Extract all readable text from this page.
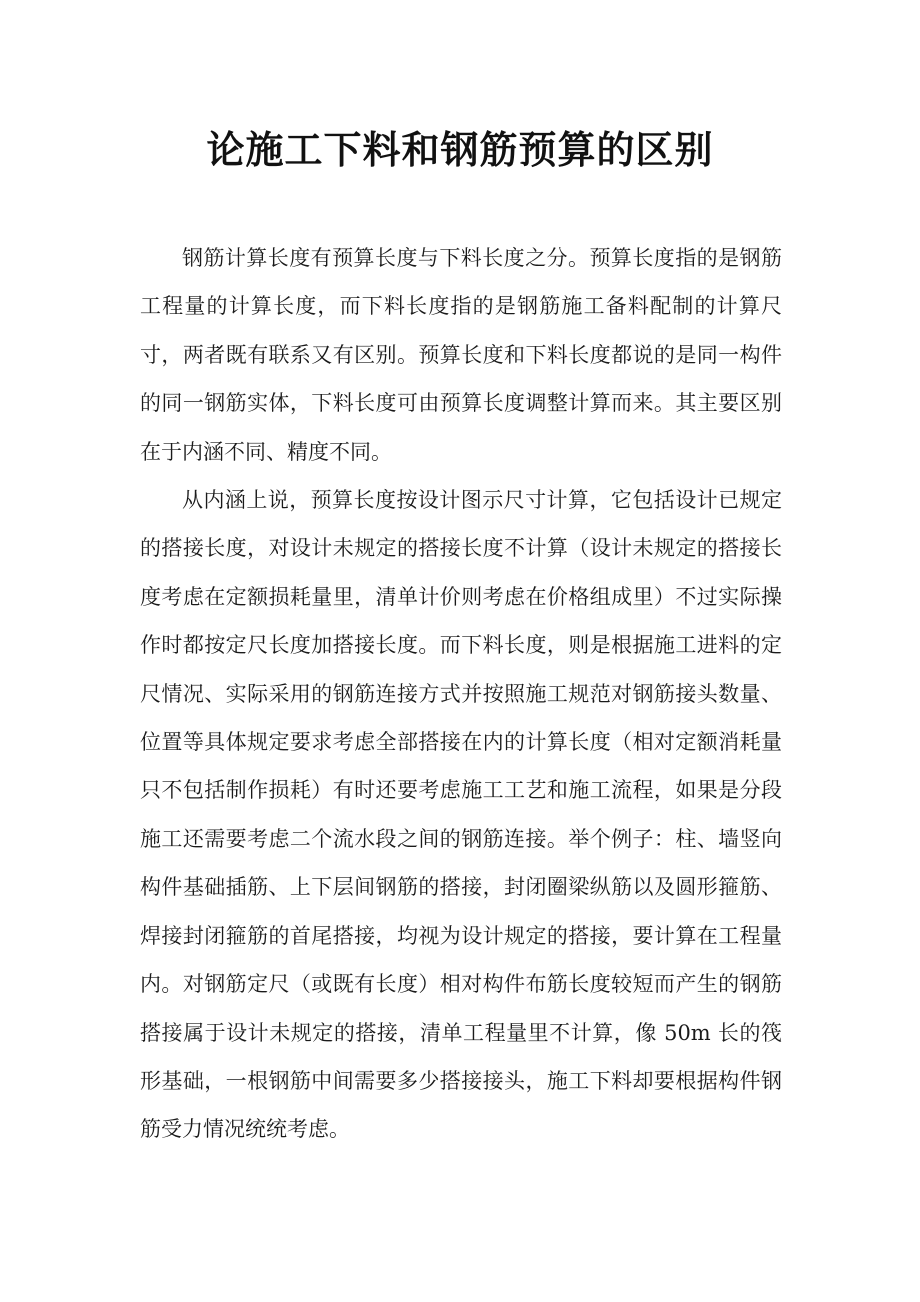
论施工下料和钢筋预算的区别

钢筋计算长度有预算长度与下料长度之分。预算长度指的是钢筋工程量的计算长度，而下料长度指的是钢筋施工备料配制的计算尺寸，两者既有联系又有区别。预算长度和下料长度都说的是同一构件的同一钢筋实体，下料长度可由预算长度调整计算而来。其主要区别在于内涵不同、精度不同。

从内涵上说，预算长度按设计图示尺寸计算，它包括设计已规定的搭接长度，对设计未规定的搭接长度不计算（设计未规定的搭接长度考虑在定额损耗量里，清单计价则考虑在价格组成里）不过实际操作时都按定尺长度加搭接长度。而下料长度，则是根据施工进料的定尺情况、实际采用的钢筋连接方式并按照施工规范对钢筋接头数量、位置等具体规定要求考虑全部搭接在内的计算长度（相对定额消耗量只不包括制作损耗）有时还要考虑施工工艺和施工流程，如果是分段施工还需要考虑二个流水段之间的钢筋连接。举个例子：柱、墙竖向构件基础插筋、上下层间钢筋的搭接，封闭圈梁纵筋以及圆形箍筋、焊接封闭箍筋的首尾搭接，均视为设计规定的搭接，要计算在工程量内。对钢筋定尺（或既有长度）相对构件布筋长度较短而产生的钢筋搭接属于设计未规定的搭接，清单工程量里不计算，像 50m 长的筏形基础，一根钢筋中间需要多少搭接接头，施工下料却要根据构件钢筋受力情况统统考虑。
